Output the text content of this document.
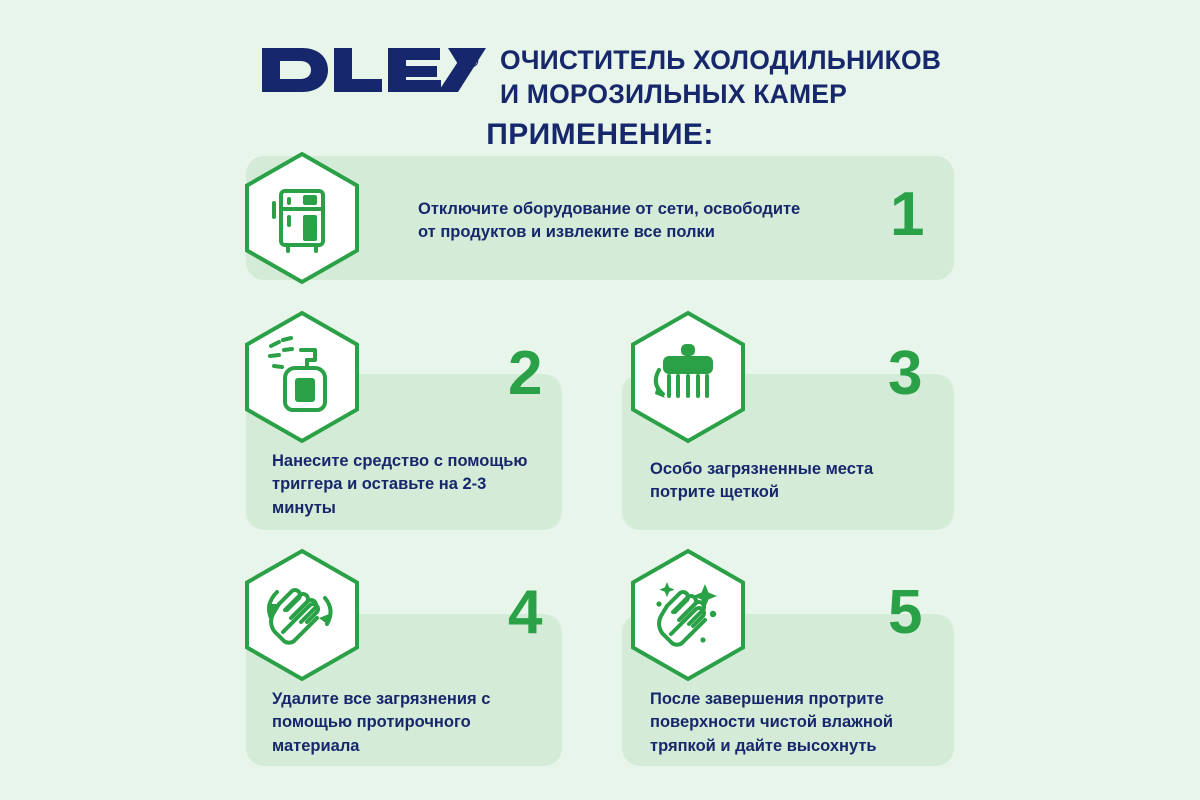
® ОЧИСТИТЕЛЬ ХОЛОДИЛЬНИКОВ
И МОРОЗИЛЬНЫХ КАМЕР
ПРИМЕНЕНИЕ:
Отключите оборудование от сети, освободите от продуктов и извлеките все полки	1
Нанесите средство с помощью триггера и оставьте на 2-3 минуты
2
Особо загрязненные места потрите щеткой
3
Удалите все загрязнения с помощью протирочного материала
4
После завершения протрите поверхности чистой влажной тряпкой и дайте высохнуть
5
